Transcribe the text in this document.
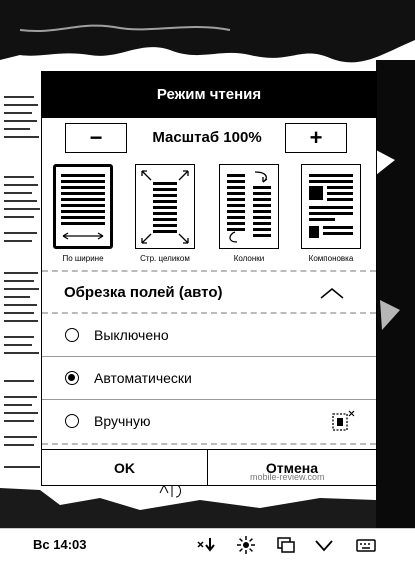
Режим чтения
−	Масштаб 100%	+
По ширине	Стр. целиком	Колонки	Компоновка
Обрезка полей (авто)
Выключено
Автоматически
Вручную
OK	Отмена
mobile-review.com
Вс 14:03
